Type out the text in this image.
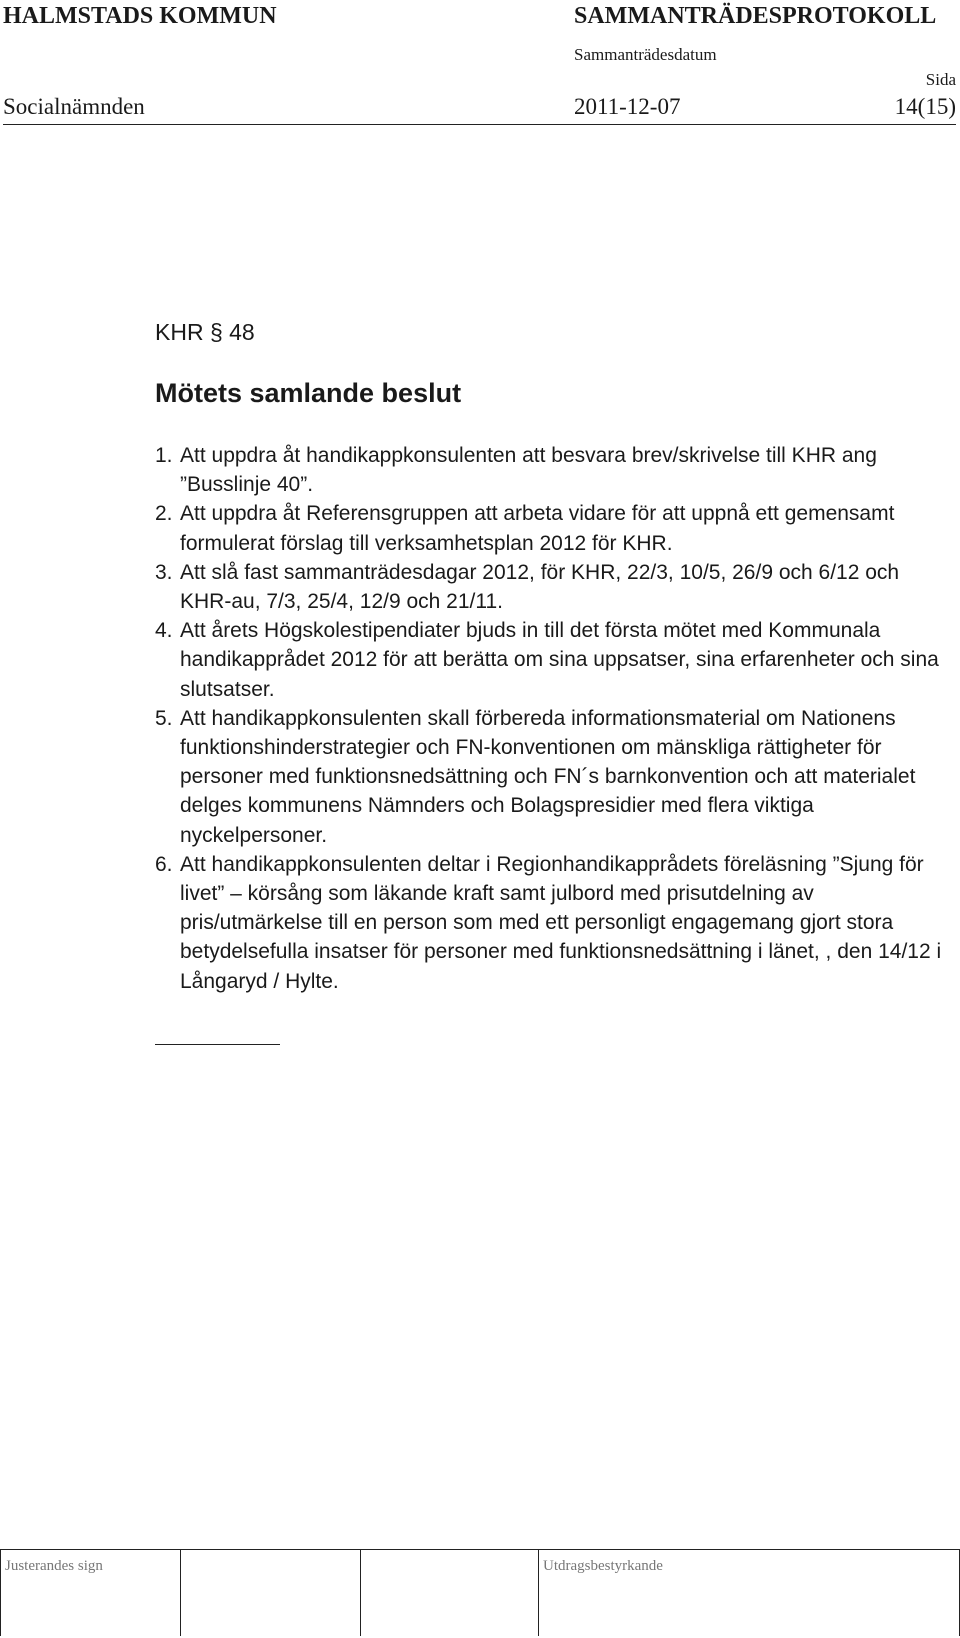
HALMSTADS KOMMUN	SAMMANTRÄDESPROTOKOLL
Sammanträdesdatum
Sida
Socialnämnden	2011-12-07	14(15)
KHR § 48
Mötets samlande beslut
1. Att uppdra åt handikappkonsulenten att besvara brev/skrivelse till KHR ang ”Busslinje 40”.
2. Att uppdra åt Referensgruppen att arbeta vidare för att uppnå ett gemensamt formulerat förslag till verksamhetsplan 2012 för KHR.
3. Att slå fast sammanträdesdagar 2012, för KHR, 22/3, 10/5, 26/9 och 6/12 och KHR-au, 7/3, 25/4, 12/9 och 21/11.
4. Att årets Högskolestipendiater bjuds in till det första mötet med Kommunala handikapprådet 2012 för att berätta om sina uppsatser, sina erfarenheter och sina slutsatser.
5. Att handikappkonsulenten skall förbereda informationsmaterial om Nationens funktionshinderstrategier och FN-konventionen om mänskliga rättigheter för personer med funktionsnedsättning och FN´s barnkonvention och att materialet delges kommunens Nämnders och Bolagspresidier med flera viktiga nyckelpersoner.
6. Att handikappkonsulenten deltar i Regionhandikapprådets föreläsning ”Sjung för livet” – körsång som läkande kraft samt julbord med prisutdelning av pris/utmärkelse till en person som med ett personligt engagemang gjort stora betydelsefulla insatser för personer med funktionsnedsättning i länet, , den 14/12 i Långaryd / Hylte.
Justerandes sign	Utdragsbestyrkande
